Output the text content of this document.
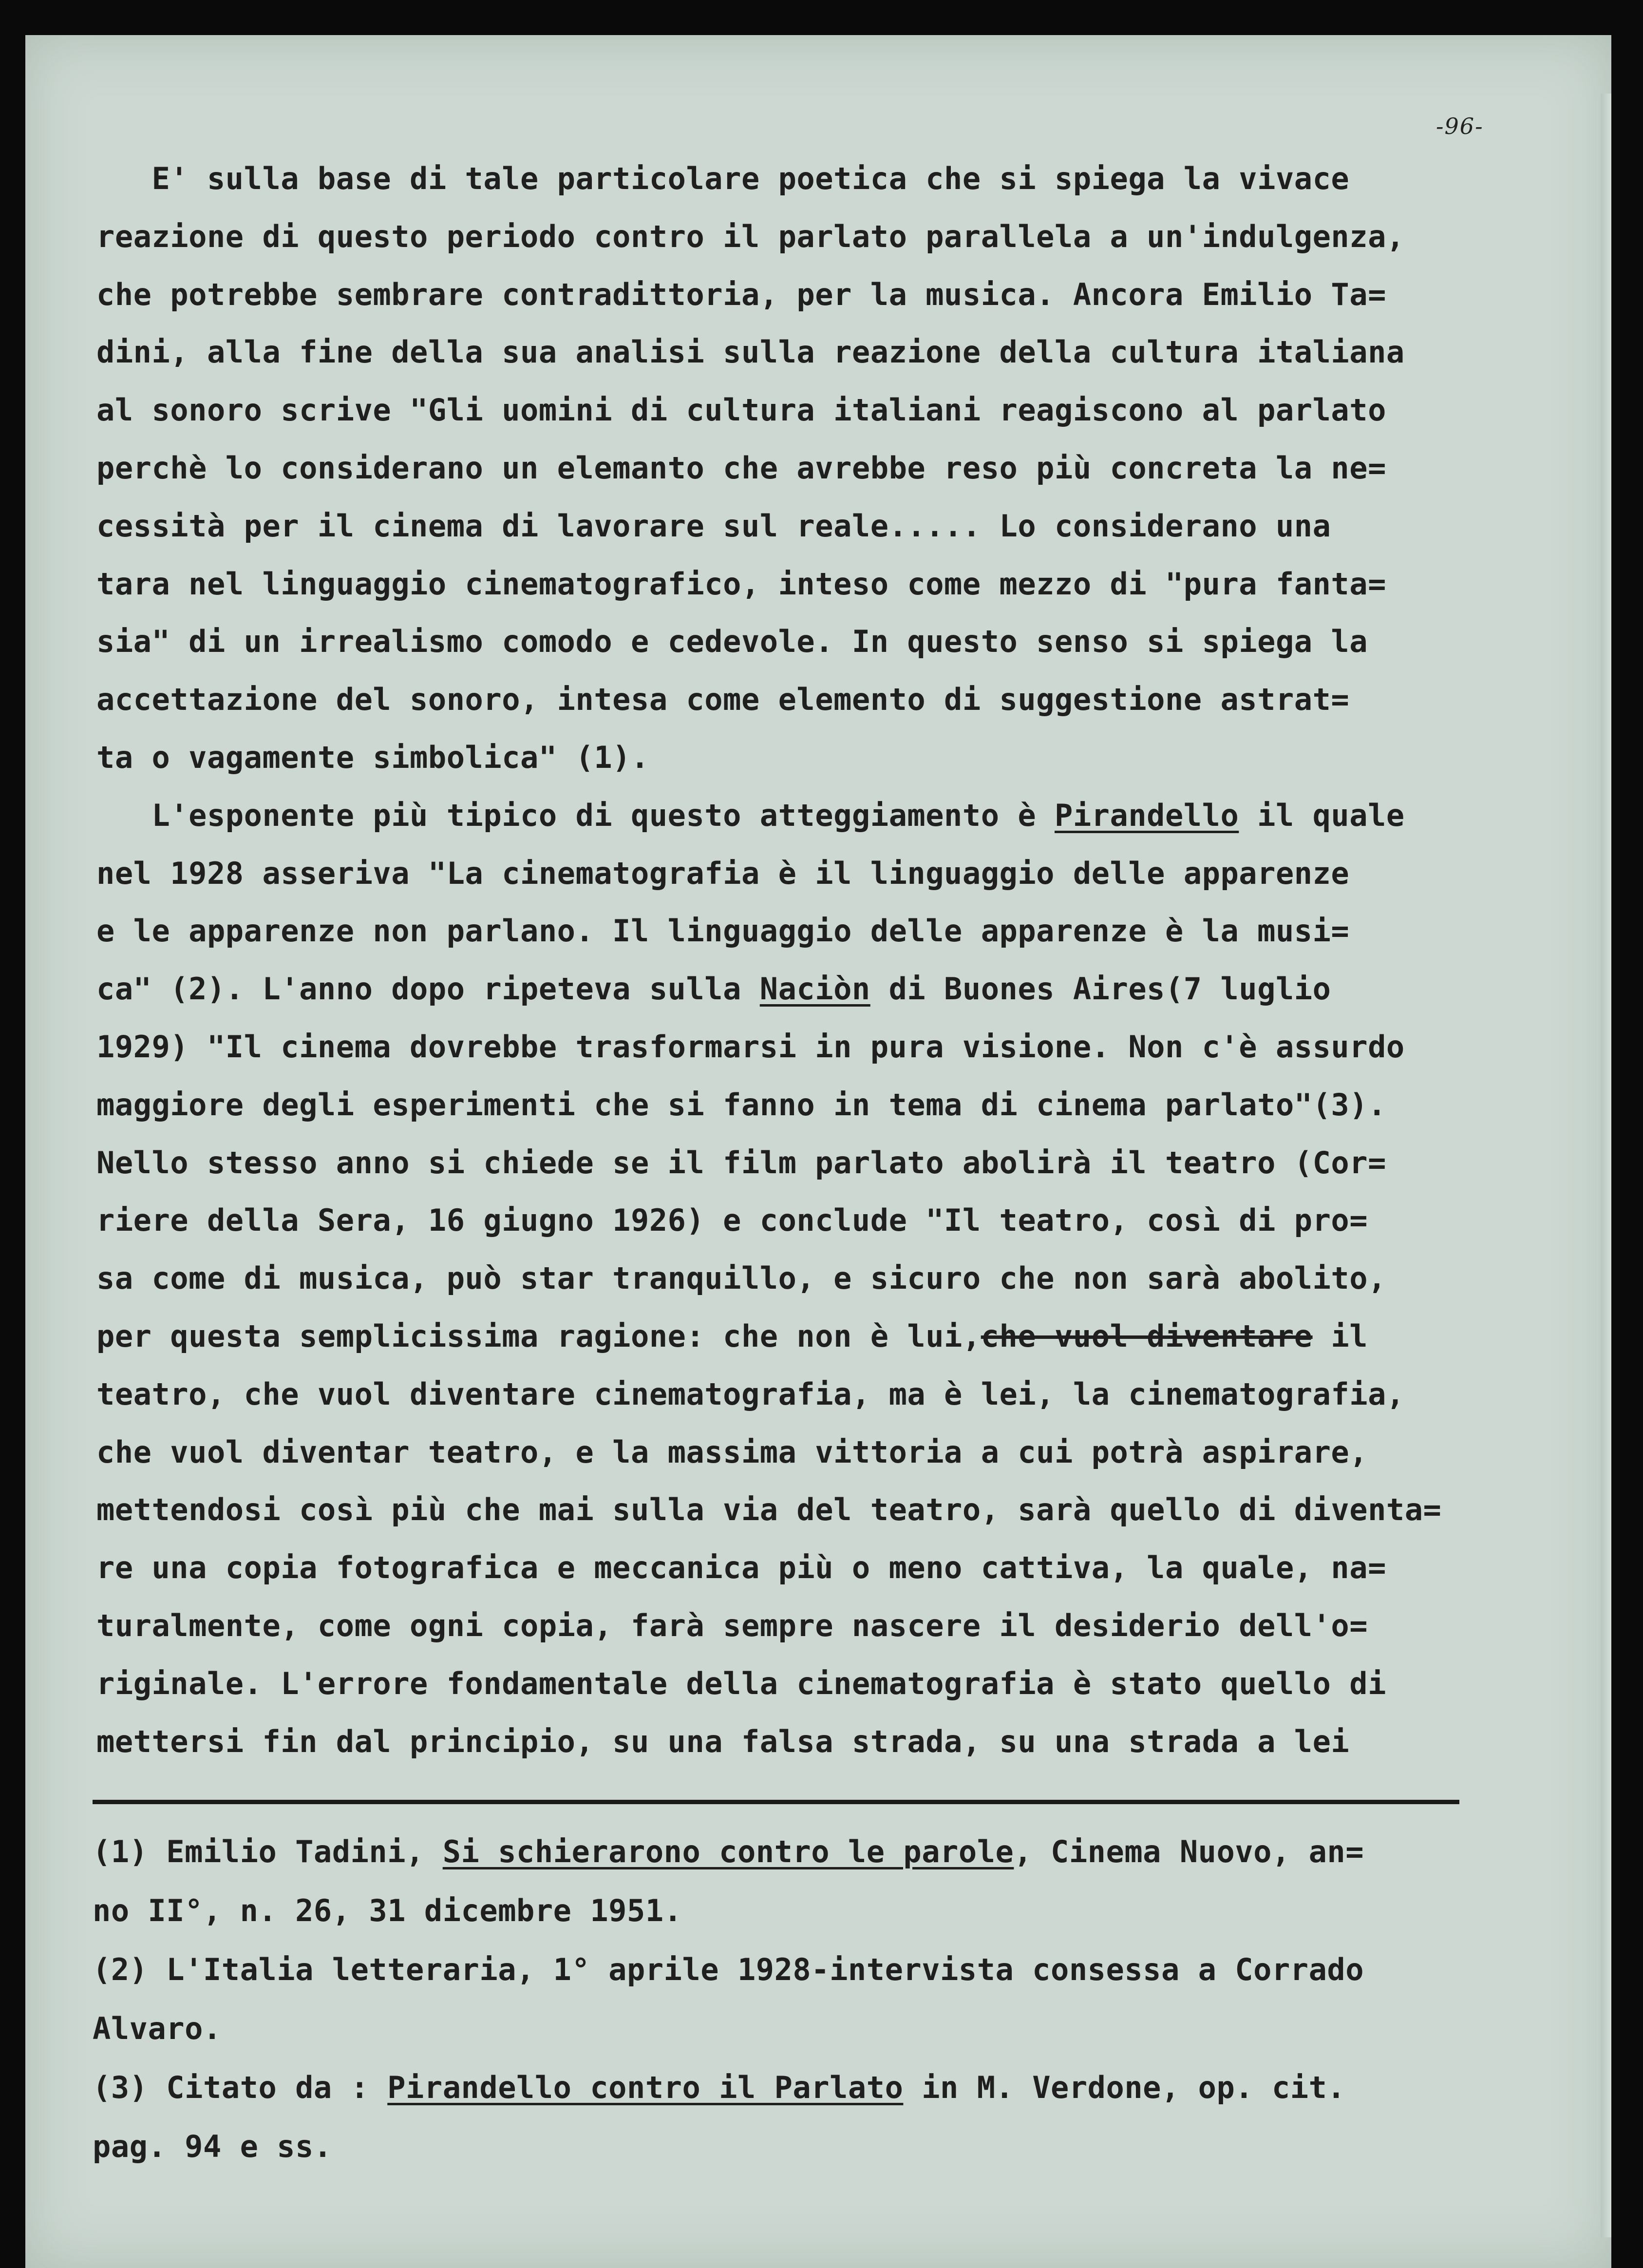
-96-
E' sulla base di tale particolare poetica che si spiega la vivace
reazione di questo periodo contro il parlato parallela a un'indulgenza,
che potrebbe sembrare contradittoria, per la musica. Ancora Emilio Ta=
dini, alla fine della sua analisi sulla reazione della cultura italiana
al sonoro scrive "Gli uomini di cultura italiani reagiscono al parlato
perchè lo considerano un elemanto che avrebbe reso più concreta la ne=
cessità per il cinema di lavorare sul reale..... Lo considerano una
tara nel linguaggio cinematografico, inteso come mezzo di "pura fanta=
sia" di un irrealismo comodo e cedevole. In questo senso si spiega la
accettazione del sonoro, intesa come elemento di suggestione astrat=
ta o vagamente simbolica" (1).
L'esponente più tipico di questo atteggiamento è Pirandello il quale
nel 1928 asseriva "La cinematografia è il linguaggio delle apparenze
e le apparenze non parlano. Il linguaggio delle apparenze è la musi=
ca" (2). L'anno dopo ripeteva sulla Naciòn di Buones Aires(7 luglio
1929) "Il cinema dovrebbe trasformarsi in pura visione. Non c'è assurdo
maggiore degli esperimenti che si fanno in tema di cinema parlato"(3).
Nello stesso anno si chiede se il film parlato abolirà il teatro (Cor=
riere della Sera, 16 giugno 1926) e conclude "Il teatro, così di pro=
sa come di musica, può star tranquillo, e sicuro che non sarà abolito,
per questa semplicissima ragione: che non è lui,che vuol diventare il
teatro, che vuol diventare cinematografia, ma è lei, la cinematografia,
che vuol diventar teatro, e la massima vittoria a cui potrà aspirare,
mettendosi così più che mai sulla via del teatro, sarà quello di diventa=
re una copia fotografica e meccanica più o meno cattiva, la quale, na=
turalmente, come ogni copia, farà sempre nascere il desiderio dell'o=
riginale. L'errore fondamentale della cinematografia è stato quello di
mettersi fin dal principio, su una falsa strada, su una strada a lei
(1) Emilio Tadini, Si schierarono contro le parole, Cinema Nuovo, an=
no II°, n. 26, 31 dicembre 1951.
(2) L'Italia letteraria, 1° aprile 1928-intervista consessa a Corrado
Alvaro.
(3) Citato da : Pirandello contro il Parlato in M. Verdone, op. cit.
pag. 94 e ss.
